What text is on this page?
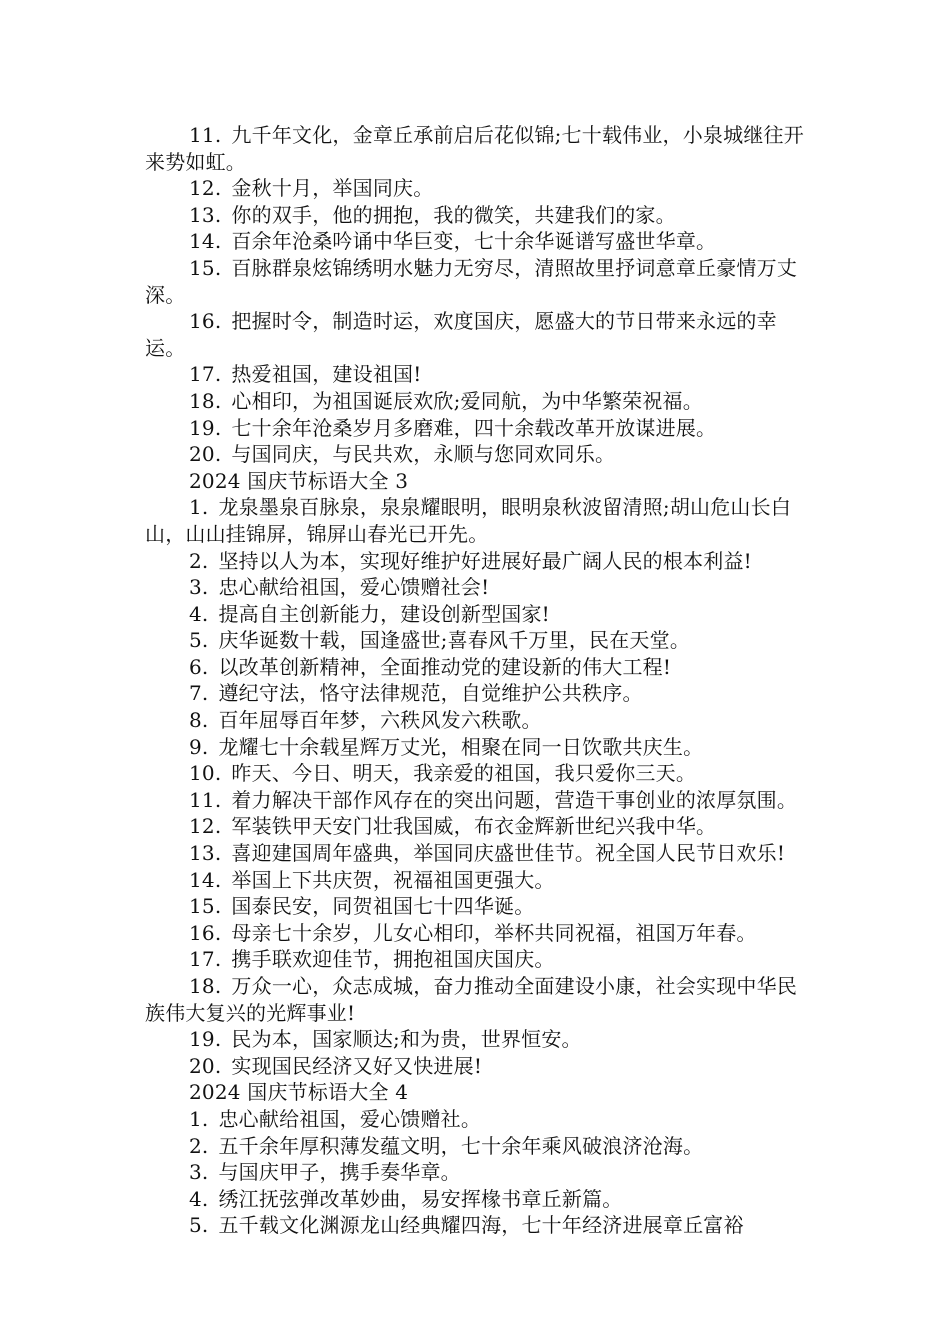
11. 九千年文化，金章丘承前启后花似锦;七十载伟业，小泉城继往开来势如虹。

12. 金秋十月，举国同庆。

13. 你的双手，他的拥抱，我的微笑，共建我们的家。

14. 百余年沧桑吟诵中华巨变，七十余华诞谱写盛世华章。

15. 百脉群泉炫锦绣明水魅力无穷尽，清照故里抒词意章丘豪情万丈深。

16. 把握时令，制造时运，欢度国庆，愿盛大的节日带来永远的幸运。

17. 热爱祖国，建设祖国!

18. 心相印，为祖国诞辰欢欣;爱同航，为中华繁荣祝福。

19. 七十余年沧桑岁月多磨难，四十余载改革开放谋进展。

20. 与国同庆，与民共欢，永顺与您同欢同乐。

2024 国庆节标语大全 3

1. 龙泉墨泉百脉泉，泉泉耀眼明，眼明泉秋波留清照;胡山危山长白山，山山挂锦屏，锦屏山春光已开先。

2. 坚持以人为本，实现好维护好进展好最广阔人民的根本利益!

3. 忠心献给祖国，爱心馈赠社会!

4. 提高自主创新能力，建设创新型国家!

5. 庆华诞数十载，国逢盛世;喜春风千万里，民在天堂。

6. 以改革创新精神，全面推动党的建设新的伟大工程!

7. 遵纪守法，恪守法律规范，自觉维护公共秩序。

8. 百年屈辱百年梦，六秩风发六秩歌。

9. 龙耀七十余载星辉万丈光，相聚在同一日饮歌共庆生。

10. 昨天、今日、明天，我亲爱的祖国，我只爱你三天。

11. 着力解决干部作风存在的突出问题，营造干事创业的浓厚氛围。

12. 军装铁甲天安门壮我国威，布衣金辉新世纪兴我中华。

13. 喜迎建国周年盛典，举国同庆盛世佳节。祝全国人民节日欢乐!

14. 举国上下共庆贺，祝福祖国更强大。

15. 国泰民安，同贺祖国七十四华诞。

16. 母亲七十余岁，儿女心相印，举杯共同祝福，祖国万年春。

17. 携手联欢迎佳节，拥抱祖国庆国庆。

18. 万众一心，众志成城，奋力推动全面建设小康，社会实现中华民族伟大复兴的光辉事业!

19. 民为本，国家顺达;和为贵，世界恒安。

20. 实现国民经济又好又快进展!

2024 国庆节标语大全 4

1. 忠心献给祖国，爱心馈赠社。

2. 五千余年厚积薄发蕴文明，七十余年乘风破浪济沧海。

3. 与国庆甲子，携手奏华章。

4. 绣江抚弦弹改革妙曲，易安挥椽书章丘新篇。

5. 五千载文化渊源龙山经典耀四海，七十年经济进展章丘富裕
